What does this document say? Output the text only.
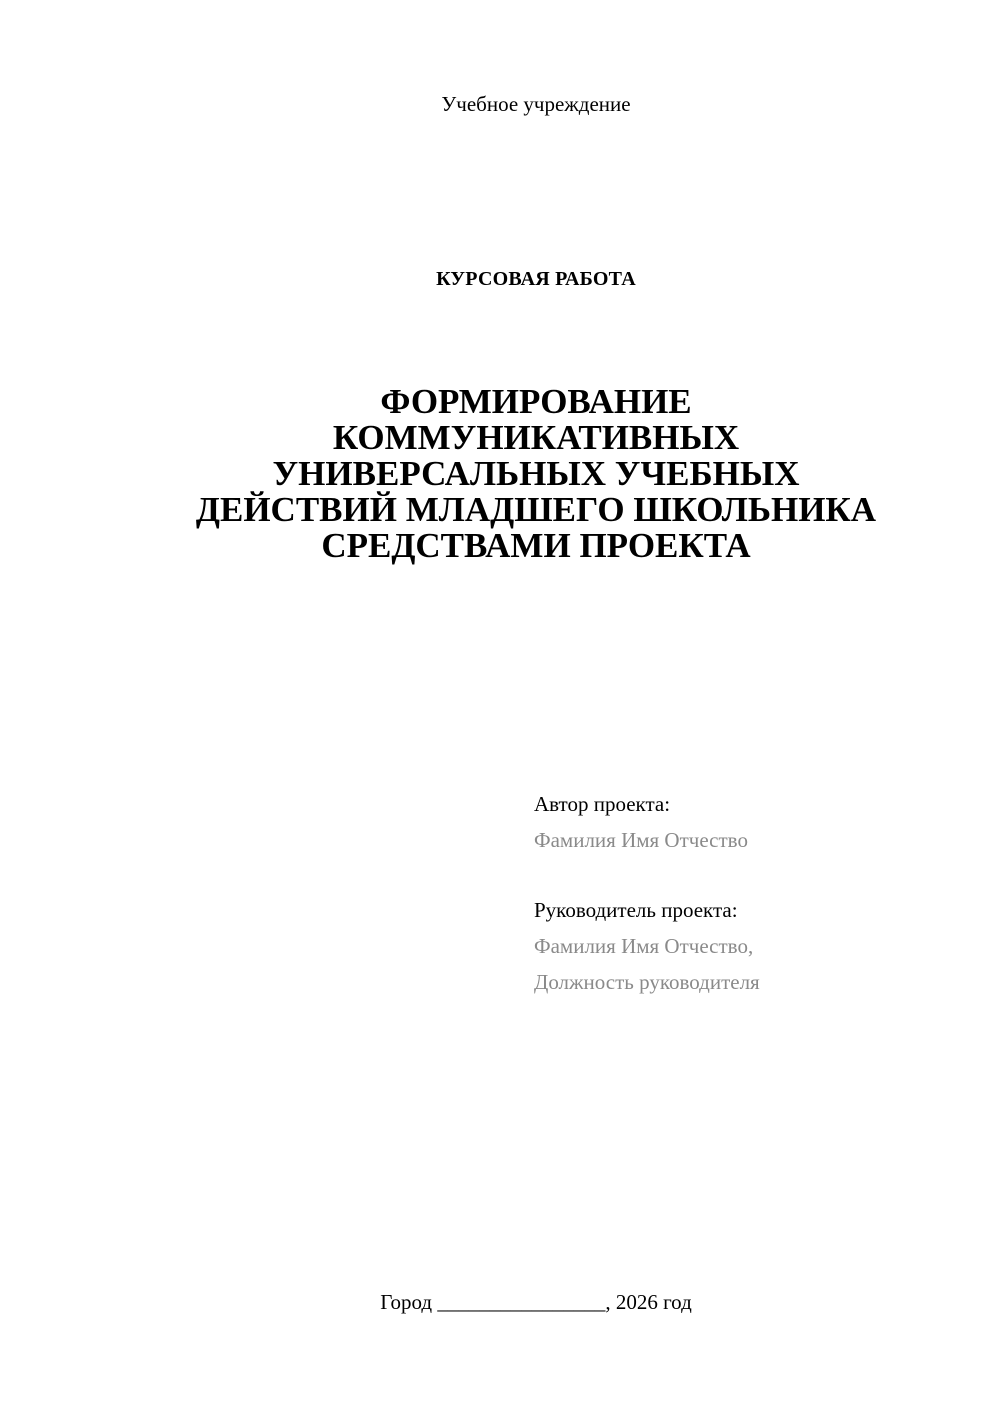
Учебное учреждение
КУРСОВАЯ РАБОТА
ФОРМИРОВАНИЕ
КОММУНИКАТИВНЫХ
УНИВЕРСАЛЬНЫХ УЧЕБНЫХ
ДЕЙСТВИЙ МЛАДШЕГО ШКОЛЬНИКА
СРЕДСТВАМИ ПРОЕКТА
Автор проекта:
Фамилия Имя Отчество
Руководитель проекта:
Фамилия Имя Отчество,
Должность руководителя
Город ________________, 2026 год
